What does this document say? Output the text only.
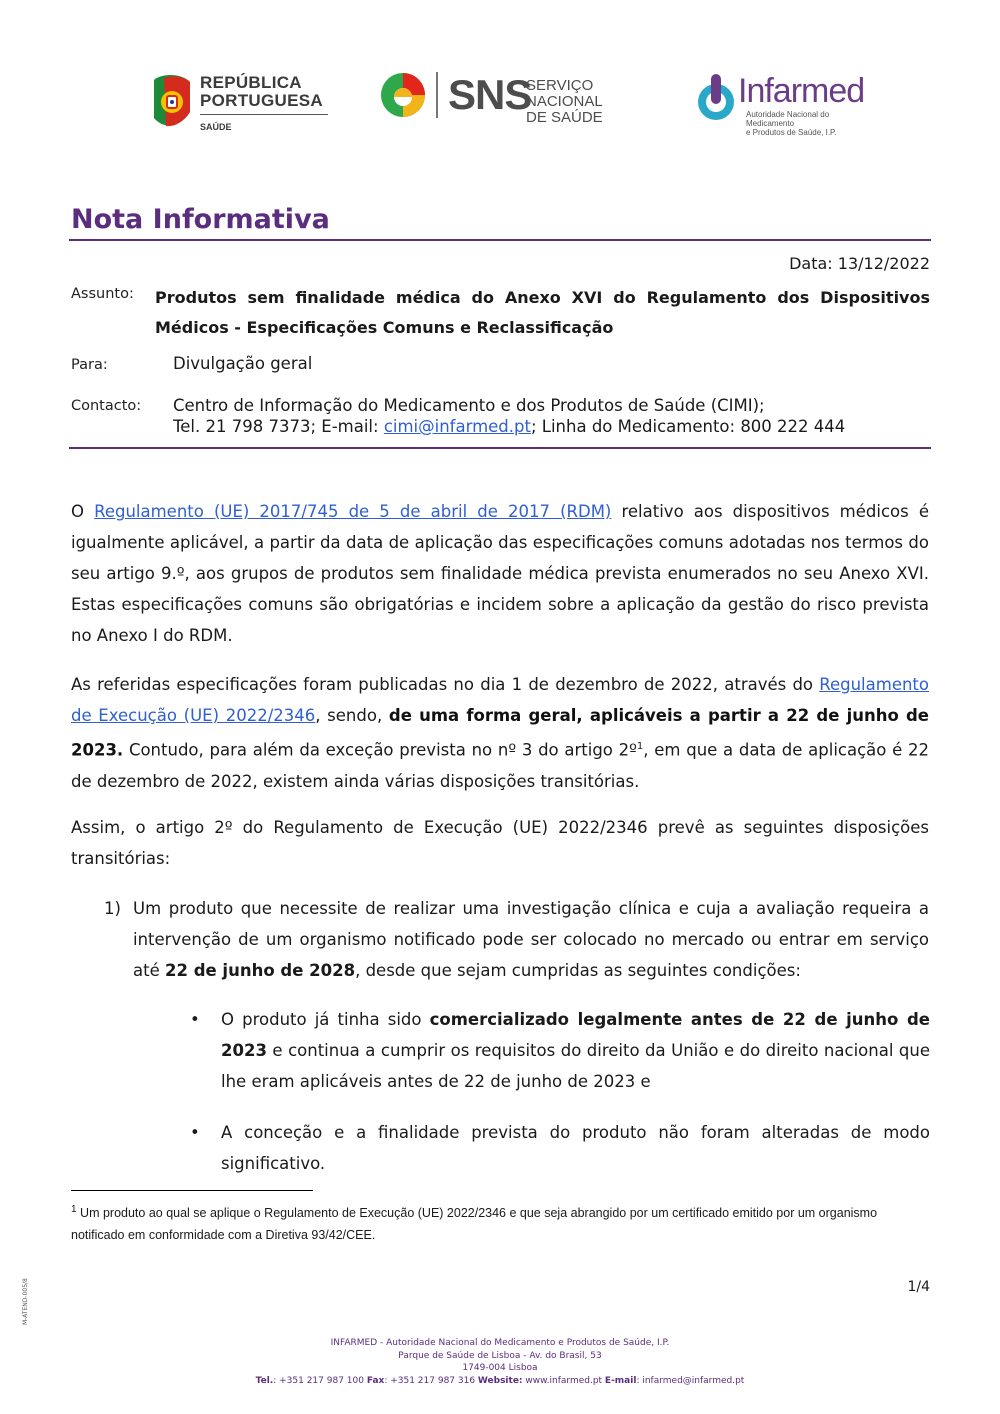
REPÚBLICA
PORTUGUESA
SAÚDE
SNS
SERVIÇO NACIONAL
DE SAÚDE
Infarmed
Autoridade Nacional do Medicamento
e Produtos de Saúde, I.P.
Nota Informativa
Data: 13/12/2022
Assunto: Produtos sem finalidade médica do Anexo XVI do Regulamento dos Dispositivos Médicos - Especificações Comuns e Reclassificação
Para:	Divulgação geral
Contacto: Centro de Informação do Medicamento e dos Produtos de Saúde (CIMI);
Tel. 21 798 7373; E-mail: cimi@infarmed.pt; Linha do Medicamento: 800 222 444
O Regulamento (UE) 2017/745 de 5 de abril de 2017 (RDM) relativo aos dispositivos médicos é igualmente aplicável, a partir da data de aplicação das especificações comuns adotadas nos termos do seu artigo 9.º, aos grupos de produtos sem finalidade médica prevista enumerados no seu Anexo XVI. Estas especificações comuns são obrigatórias e incidem sobre a aplicação da gestão do risco prevista no Anexo I do RDM.
As referidas especificações foram publicadas no dia 1 de dezembro de 2022, através do Regulamento de Execução (UE) 2022/2346, sendo, de uma forma geral, aplicáveis a partir a 22 de junho de 2023. Contudo, para além da exceção prevista no nº 3 do artigo 2º$^1$, em que a data de aplicação é 22 de dezembro de 2022, existem ainda várias disposições transitórias.
Assim, o artigo 2º do Regulamento de Execução (UE) 2022/2346 prevê as seguintes disposições transitórias:
1) Um produto que necessite de realizar uma investigação clínica e cuja a avaliação requeira a intervenção de um organismo notificado pode ser colocado no mercado ou entrar em serviço até 22 de junho de 2028, desde que sejam cumpridas as seguintes condições:
• O produto já tinha sido comercializado legalmente antes de 22 de junho de 2023 e continua a cumprir os requisitos do direito da União e do direito nacional que lhe eram aplicáveis antes de 22 de junho de 2023 e
• A conceção e a finalidade prevista do produto não foram alteradas de modo significativo.
$^1$ Um produto ao qual se aplique o Regulamento de Execução (UE) 2022/2346 e que seja abrangido por um certificado emitido por um organismo notificado em conformidade com a Diretiva 93/42/CEE.
1/4
M-ATEND-005/8
INFARMED - Autoridade Nacional do Medicamento e Produtos de Saúde, I.P.
Parque de Saúde de Lisboa - Av. do Brasil, 53
1749-004 Lisboa
Tel.: +351 217 987 100 Fax: +351 217 987 316 Website: www.infarmed.pt E-mail: infarmed@infarmed.pt
